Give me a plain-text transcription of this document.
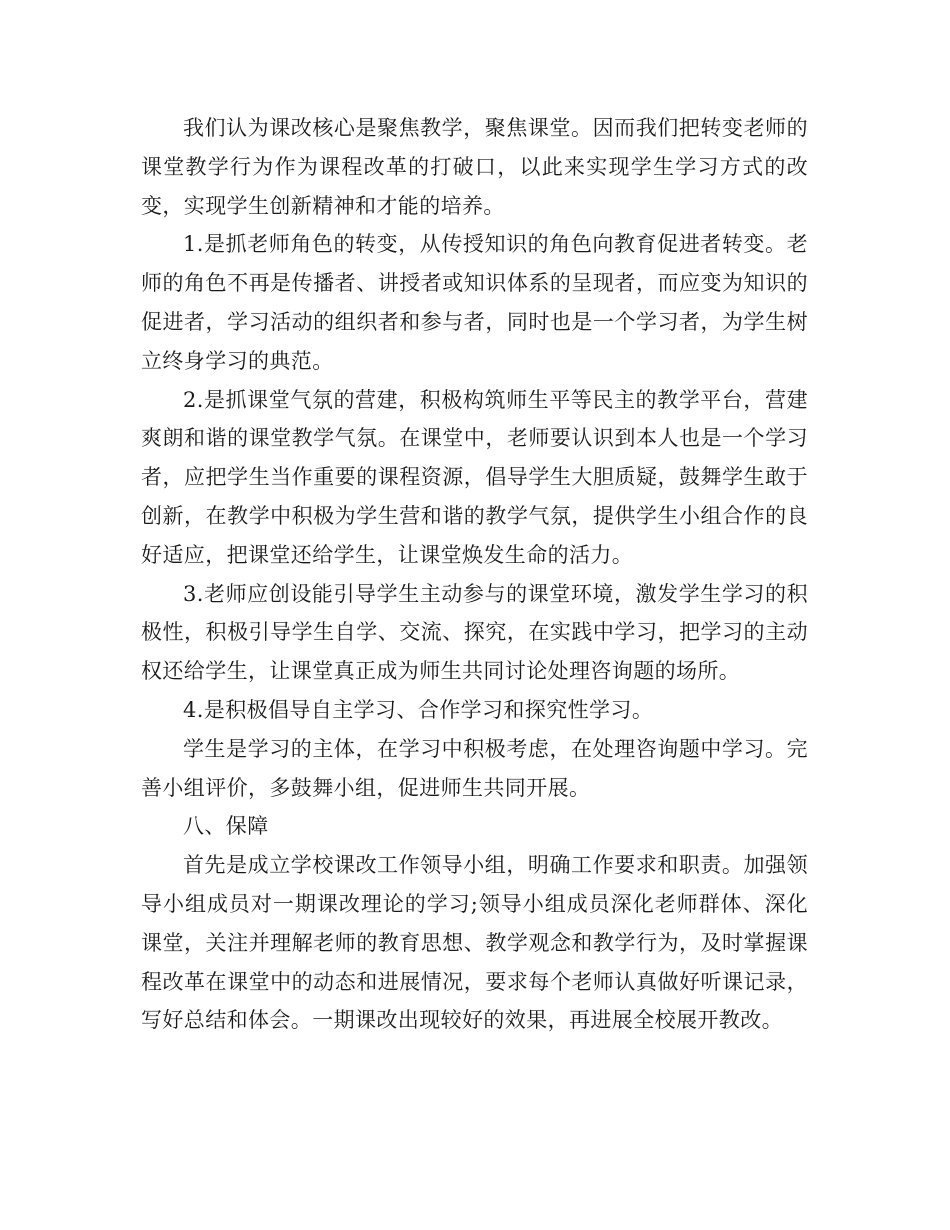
我们认为课改核心是聚焦教学，聚焦课堂。因而我们把转变老师的课堂教学行为作为课程改革的打破口，以此来实现学生学习方式的改变，实现学生创新精神和才能的培养。

1.是抓老师角色的转变，从传授知识的角色向教育促进者转变。老师的角色不再是传播者、讲授者或知识体系的呈现者，而应变为知识的促进者，学习活动的组织者和参与者，同时也是一个学习者，为学生树立终身学习的典范。

2.是抓课堂气氛的营建，积极构筑师生平等民主的教学平台，营建爽朗和谐的课堂教学气氛。在课堂中，老师要认识到本人也是一个学习者，应把学生当作重要的课程资源，倡导学生大胆质疑，鼓舞学生敢于创新，在教学中积极为学生营和谐的教学气氛，提供学生小组合作的良好适应，把课堂还给学生，让课堂焕发生命的活力。

3.老师应创设能引导学生主动参与的课堂环境，激发学生学习的积极性，积极引导学生自学、交流、探究，在实践中学习，把学习的主动权还给学生，让课堂真正成为师生共同讨论处理咨询题的场所。

4.是积极倡导自主学习、合作学习和探究性学习。

学生是学习的主体，在学习中积极考虑，在处理咨询题中学习。完善小组评价，多鼓舞小组，促进师生共同开展。

八、保障

首先是成立学校课改工作领导小组，明确工作要求和职责。加强领导小组成员对一期课改理论的学习;领导小组成员深化老师群体、深化课堂，关注并理解老师的教育思想、教学观念和教学行为，及时掌握课程改革在课堂中的动态和进展情况，要求每个老师认真做好听课记录，写好总结和体会。一期课改出现较好的效果，再进展全校展开教改。
